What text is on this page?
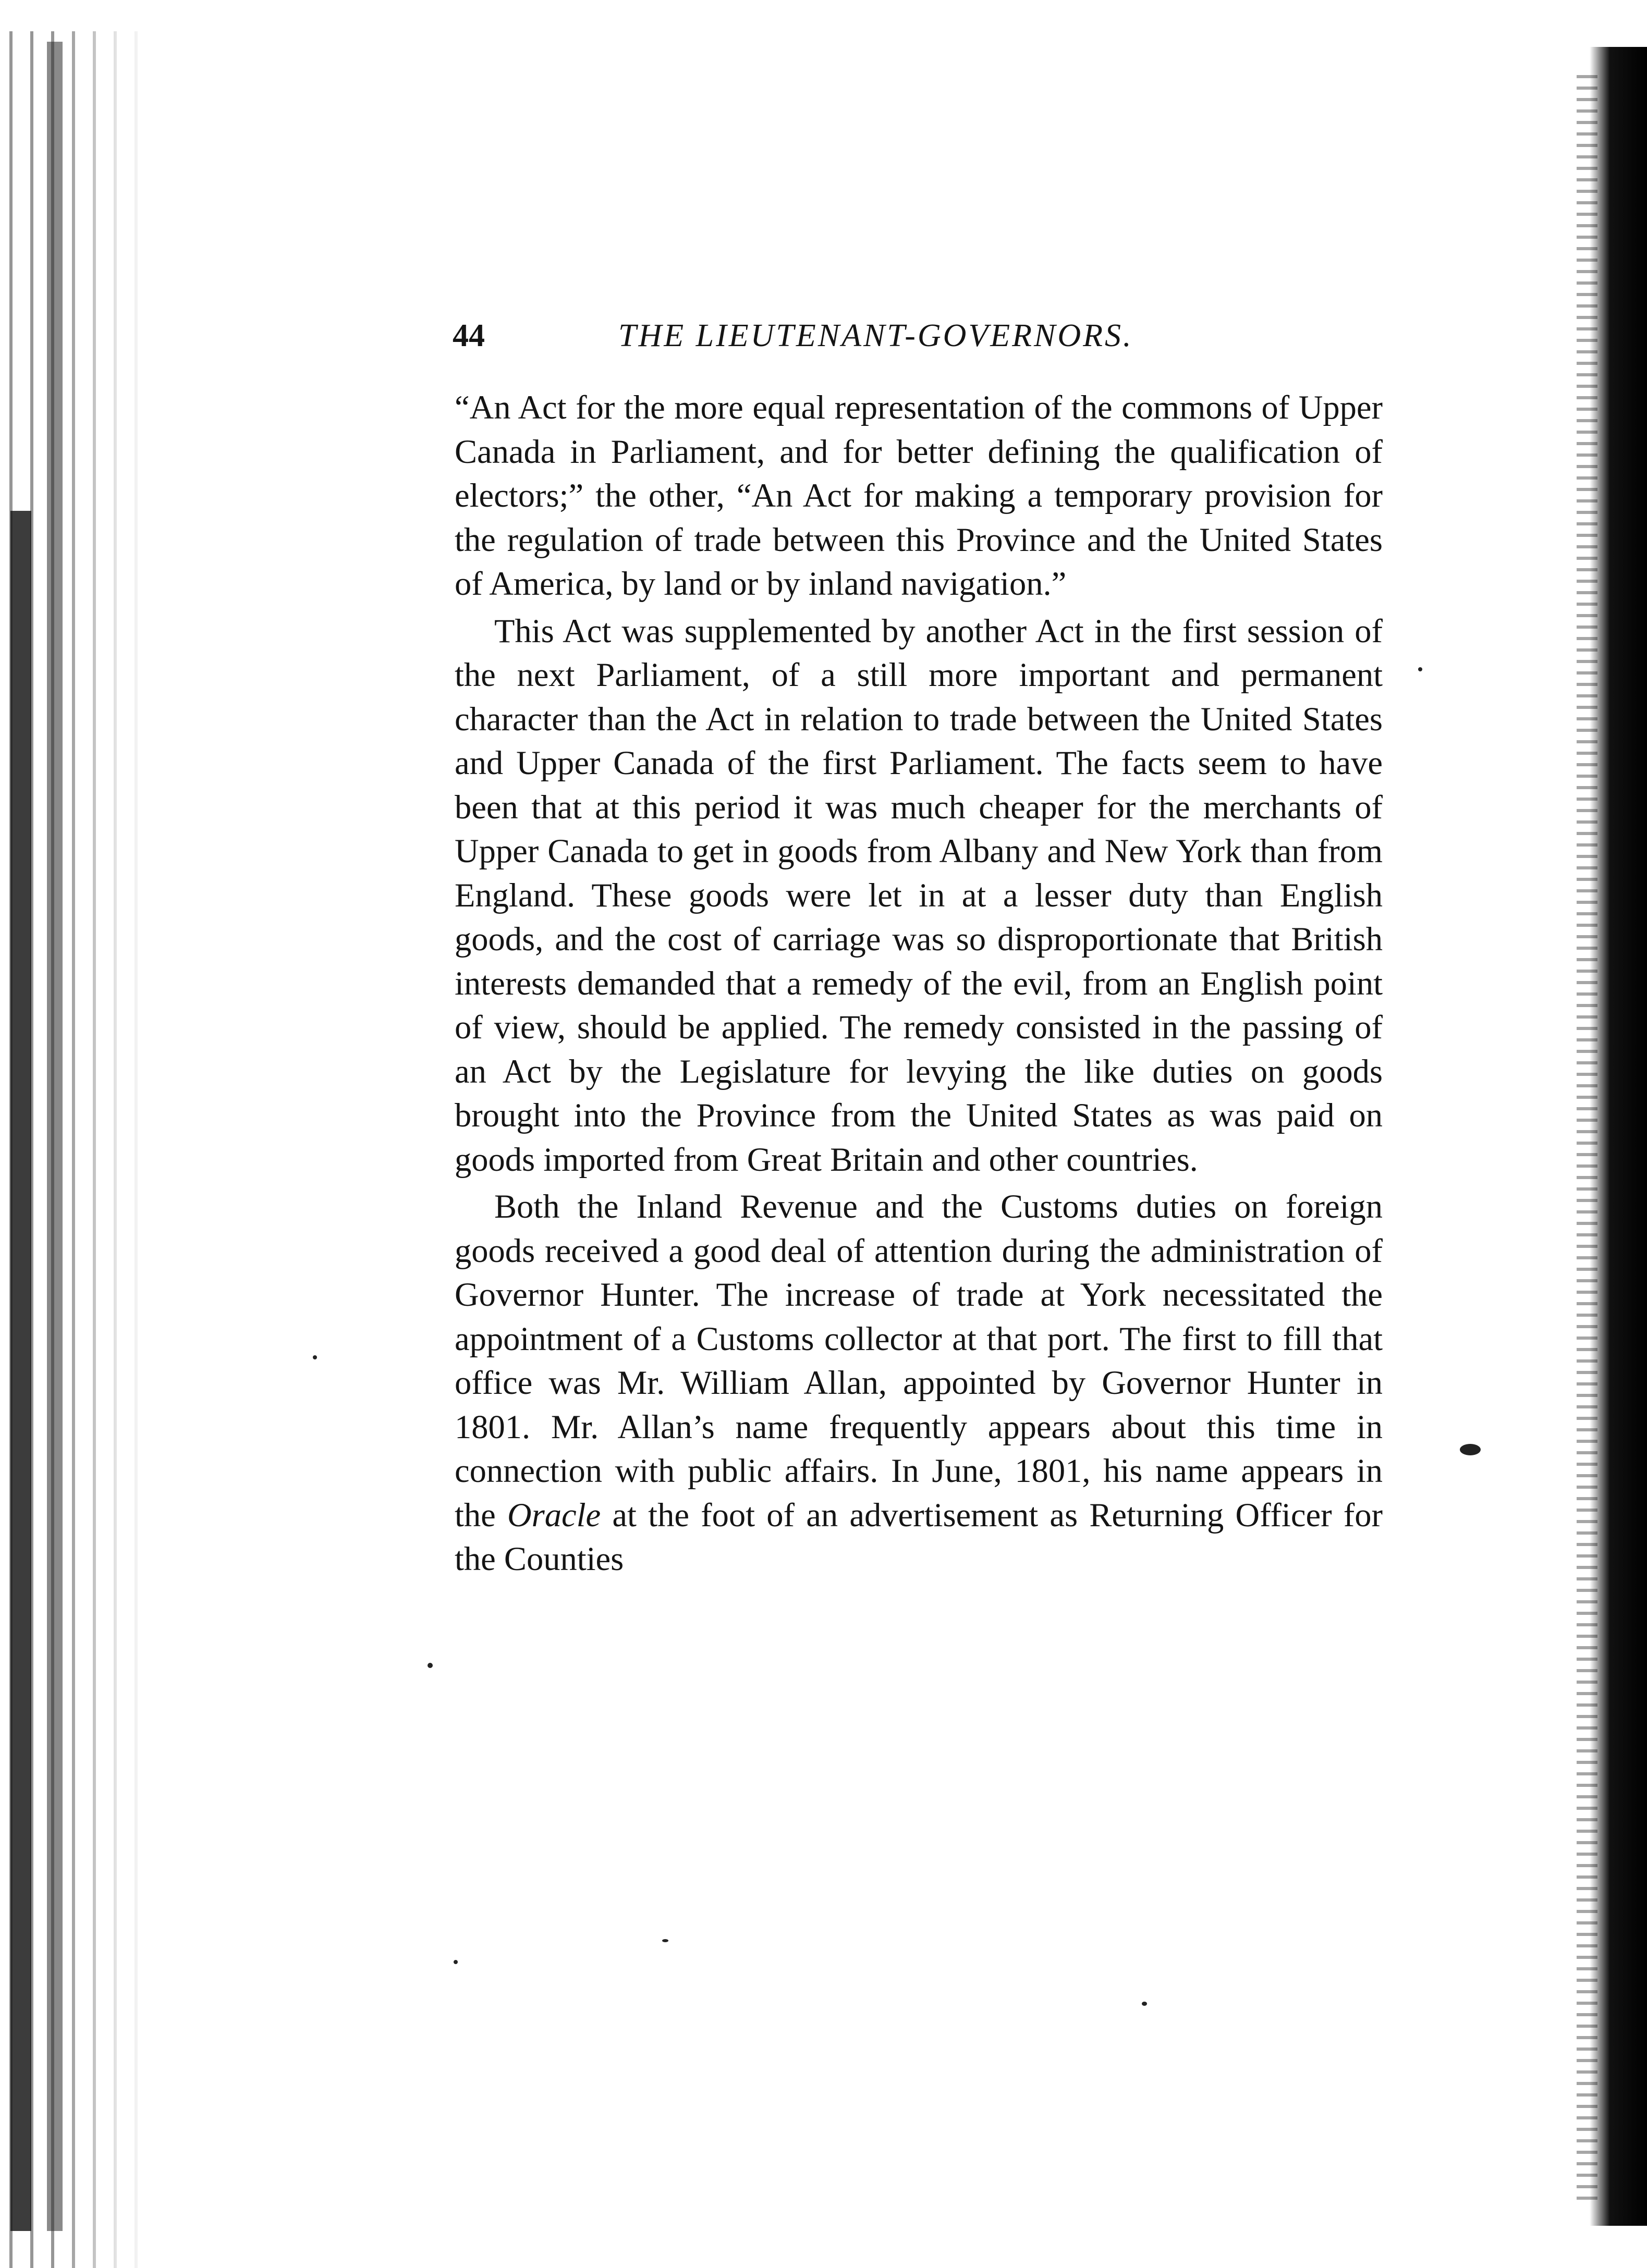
44	THE LIEUTENANT-GOVERNORS.

“An Act for the more equal representation of the commons of Upper Canada in Parliament, and for better defining the qualification of electors;” the other, “An Act for making a temporary provision for the regulation of trade between this Province and the United States of America, by land or by inland navigation.”

This Act was supplemented by another Act in the first session of the next Parliament, of a still more important and permanent character than the Act in relation to trade between the United States and Upper Canada of the first Parliament. The facts seem to have been that at this period it was much cheaper for the merchants of Upper Canada to get in goods from Albany and New York than from England. These goods were let in at a lesser duty than English goods, and the cost of carriage was so disproportionate that British interests demanded that a remedy of the evil, from an English point of view, should be applied. The remedy consisted in the passing of an Act by the Legislature for levying the like duties on goods brought into the Province from the United States as was paid on goods imported from Great Britain and other countries.

Both the Inland Revenue and the Customs duties on foreign goods received a good deal of attention during the administration of Governor Hunter. The increase of trade at York necessitated the appointment of a Customs collector at that port. The first to fill that office was Mr. William Allan, appointed by Governor Hunter in 1801. Mr. Allan’s name frequently appears about this time in connection with public affairs. In June, 1801, his name appears in the Oracle at the foot of an advertisement as Returning Officer for the Counties
